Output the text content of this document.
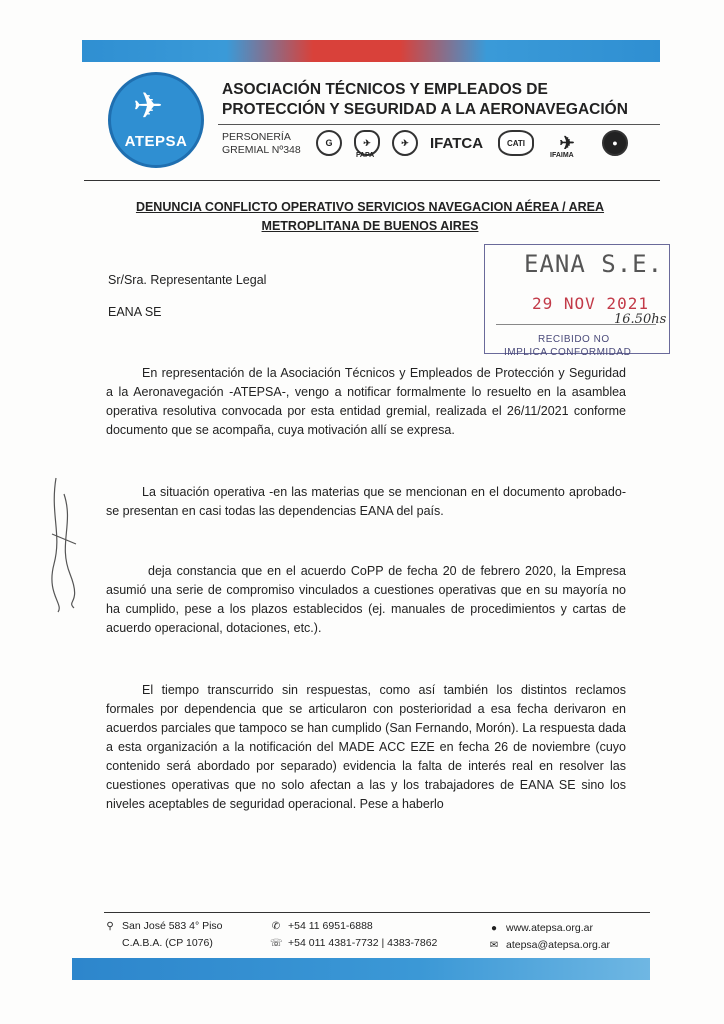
✈
ATEPSA
ASOCIACIÓN TÉCNICOS Y EMPLEADOS DE
PROTECCIÓN Y SEGURIDAD A LA AERONAVEGACIÓN
PERSONERÍA
GREMIAL Nº348
G	✈
FAPA
✈	IFATCA	CATI	✈
IFAIMA
●
DENUNCIA CONFLICTO OPERATIVO SERVICIOS NAVEGACION AÉREA / AREA
METROPLITANA DE BUENOS AIRES
Sr/Sra. Representante Legal
EANA SE
EANA S.E.
29 NOV 2021
16.50hs
RECIBIDO NO
IMPLICA CONFORMIDAD

En representación de la Asociación Técnicos y Empleados de Protección y Seguridad a la Aeronavegación -ATEPSA-, vengo a notificar formalmente lo resuelto en la asamblea operativa resolutiva convocada por esta entidad gremial, realizada el 26/11/2021 conforme documento que se acompaña, cuya motivación allí se expresa.

La situación operativa -en las materias que se mencionan en el documento aprobado- se presentan en casi todas las dependencias EANA del país.

deja constancia que en el acuerdo CoPP de fecha 20 de febrero 2020, la Empresa asumió una serie de compromiso vinculados a cuestiones operativas que en su mayoría no ha cumplido, pese a los plazos establecidos (ej. manuales de procedimientos y cartas de acuerdo operacional, dotaciones, etc.).

El tiempo transcurrido sin respuestas, como así también los distintos reclamos formales por dependencia que se articularon con posterioridad a esa fecha derivaron en acuerdos parciales que tampoco se han cumplido (San Fernando, Morón). La respuesta dada a esta organización a la notificación del MADE ACC EZE en fecha 26 de noviembre (cuyo contenido será abordado por separado) evidencia la falta de interés real en resolver las cuestiones operativas que no solo afectan a las y los trabajadores de EANA SE sino los niveles aceptables de seguridad operacional. Pese a haberlo

⚲ San José 583 4° Piso
C.A.B.A. (CP 1076)
✆ +54 11 6951-6888
☏ +54 011 4381-7732 | 4383-7862
● www.atepsa.org.ar
✉ atepsa@atepsa.org.ar
